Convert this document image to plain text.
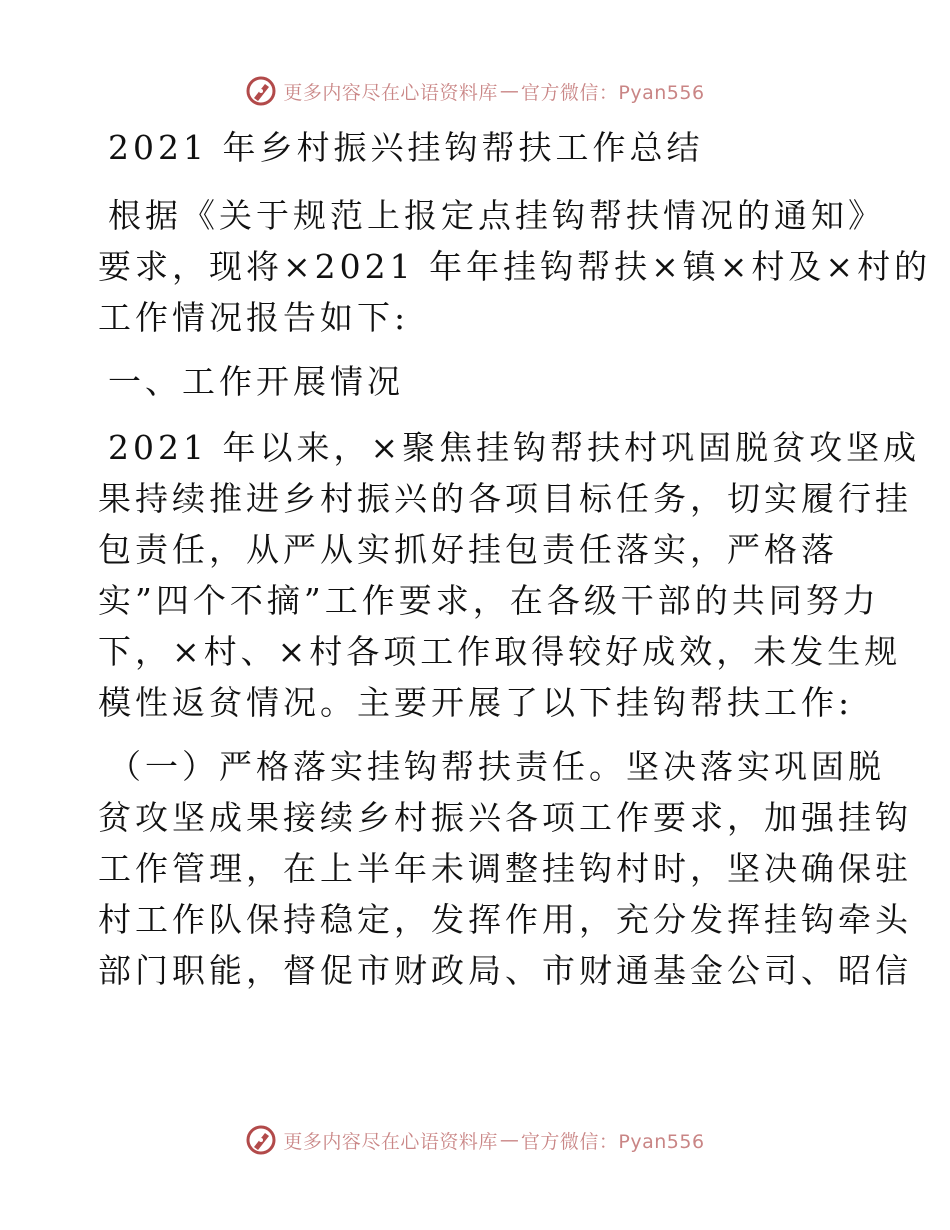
更多内容尽在心语资料库 — 官方微信：Pyan556
2021 年乡村振兴挂钩帮扶工作总结
根据《关于规范上报定点挂钩帮扶情况的通知》
要求，现将×2021 年年挂钩帮扶×镇×村及×村的
工作情况报告如下:
一、工作开展情况
2021 年以来，×聚焦挂钩帮扶村巩固脱贫攻坚成
果持续推进乡村振兴的各项目标任务，切实履行挂
包责任，从严从实抓好挂包责任落实，严格落
实”四个不摘”工作要求，在各级干部的共同努力
下，×村、×村各项工作取得较好成效，未发生规
模性返贫情况。主要开展了以下挂钩帮扶工作:
（一）严格落实挂钩帮扶责任。坚决落实巩固脱
贫攻坚成果接续乡村振兴各项工作要求，加强挂钩
工作管理，在上半年未调整挂钩村时，坚决确保驻
村工作队保持稳定，发挥作用，充分发挥挂钩牵头
部门职能，督促市财政局、市财通基金公司、昭信
更多内容尽在心语资料库 — 官方微信：Pyan556
